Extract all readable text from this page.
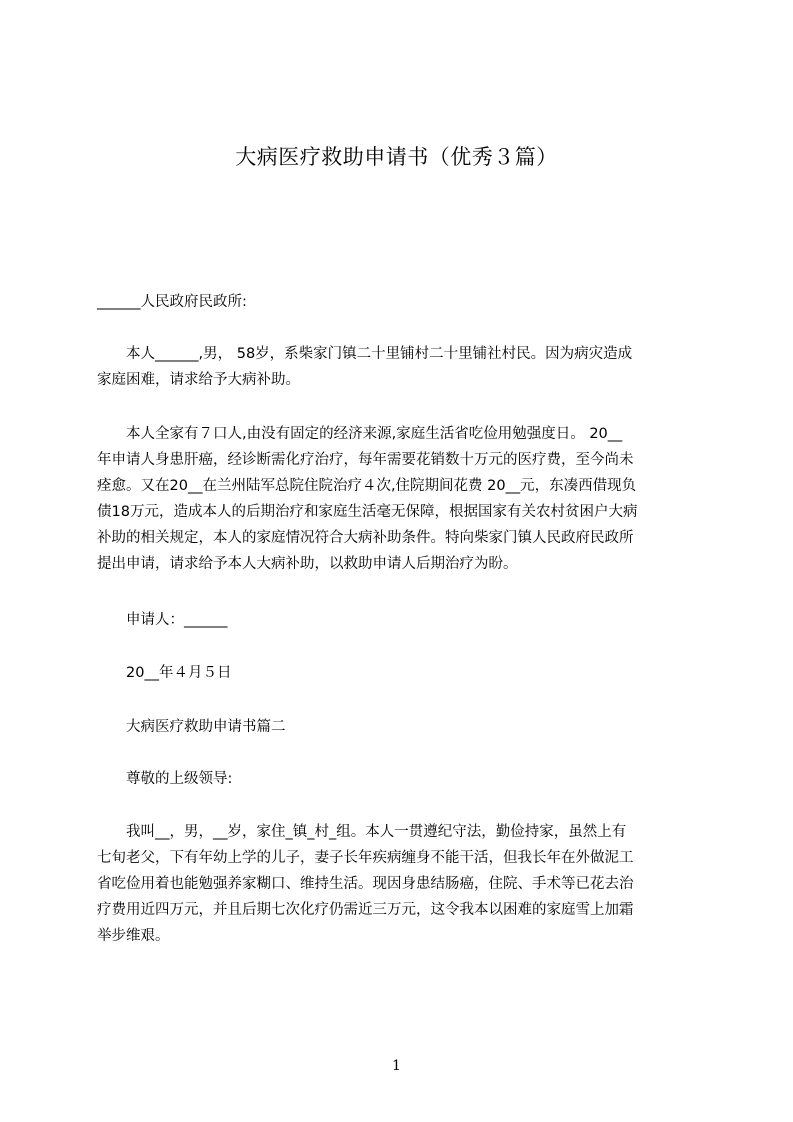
大病医疗救助申请书（优秀３篇）
______人民政府民政所:
　　本人______,男， 58岁，系柴家门镇二十里铺村二十里铺社村民。因为病灾造成
家庭困难，请求给予大病补助。
　　本人全家有７口人,由没有固定的经济来源,家庭生活省吃俭用勉强度日。 20__
年申请人身患肝癌，经诊断需化疗治疗，每年需要花销数十万元的医疗费，至今尚未
痊愈。又在20__在兰州陆军总院住院治疗４次,住院期间花费 20__元，东凑西借现负
债18万元，造成本人的后期治疗和家庭生活毫无保障，根据国家有关农村贫困户大病
补助的相关规定，本人的家庭情况符合大病补助条件。特向柴家门镇人民政府民政所
提出申请，请求给予本人大病补助，以救助申请人后期治疗为盼。
　　申请人：______
　　20__年４月５日
　　大病医疗救助申请书篇二
　　尊敬的上级领导:
　　我叫__，男，__岁，家住_镇_村_组。本人一贯遵纪守法，勤俭持家，虽然上有
七旬老父，下有年幼上学的儿子，妻子长年疾病缠身不能干活，但我长年在外做泥工
省吃俭用着也能勉强养家糊口、维持生活。现因身患结肠癌，住院、手术等已花去治
疗费用近四万元，并且后期七次化疗仍需近三万元，这令我本以困难的家庭雪上加霜
举步维艰。
1
